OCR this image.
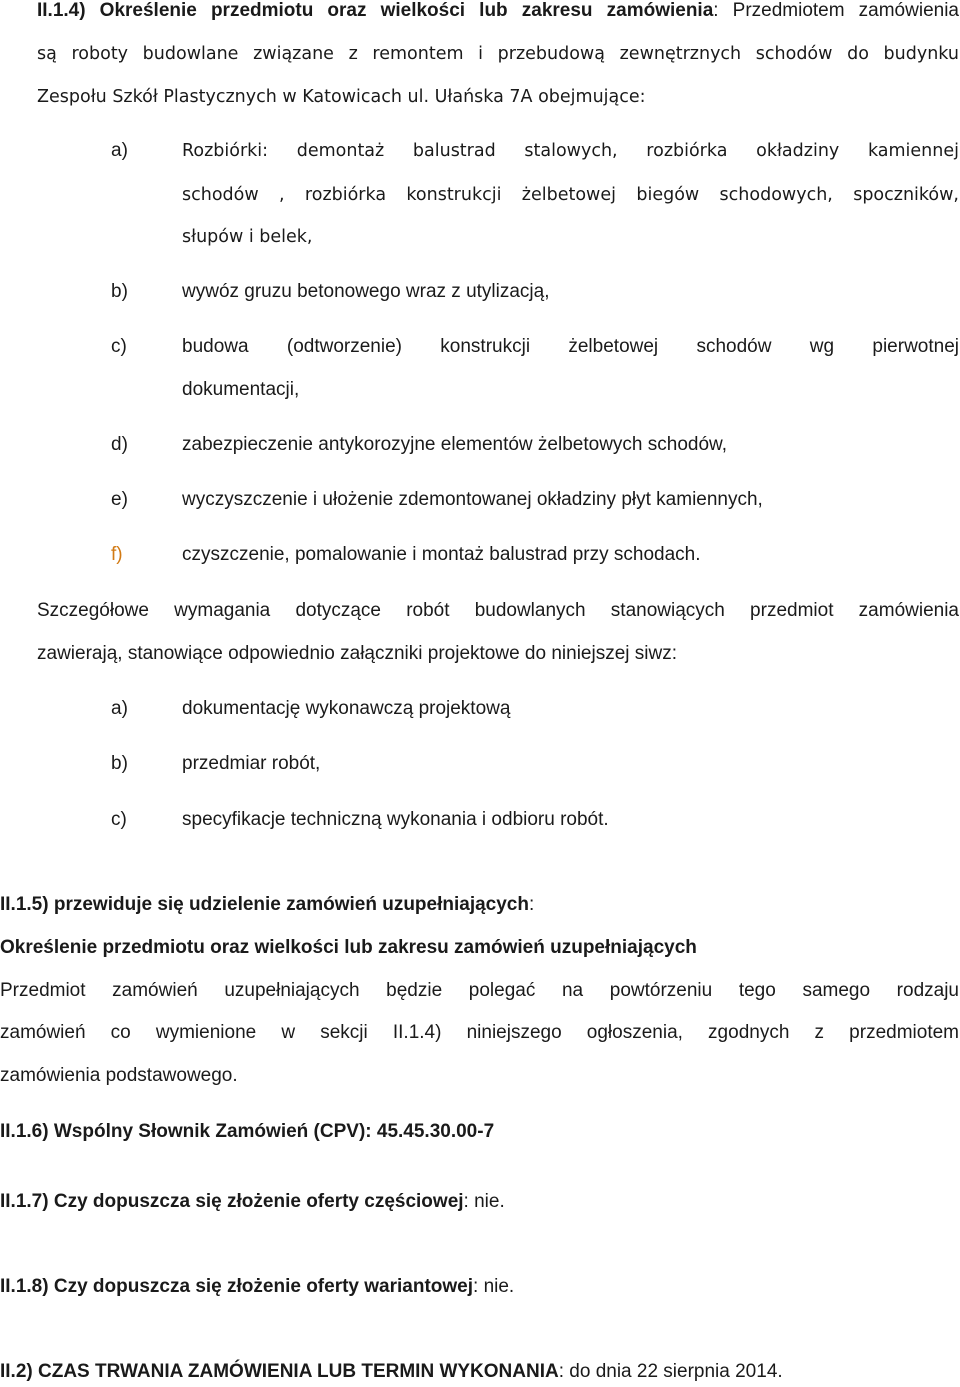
II.1.4) Określenie przedmiotu oraz wielkości lub zakresu zamówienia: Przedmiotem zamówienia
są roboty budowlane związane z remontem i przebudową zewnętrznych schodów do budynku
Zespołu Szkół Plastycznych w Katowicach ul. Ułańska 7A obejmujące:
a)	Rozbiórki: demontaż balustrad stalowych, rozbiórka okładziny kamiennej
schodów , rozbiórka konstrukcji żelbetowej biegów schodowych, spoczników,
słupów i belek,
b)	wywóz gruzu betonowego wraz z utylizacją,
c)	budowa (odtworzenie) konstrukcji żelbetowej schodów wg pierwotnej
dokumentacji,
d)	zabezpieczenie antykorozyjne elementów żelbetowych schodów,
e)	wyczyszczenie i ułożenie zdemontowanej okładziny płyt kamiennych,
f)	czyszczenie, pomalowanie i montaż balustrad przy schodach.
Szczegółowe wymagania dotyczące robót budowlanych stanowiących przedmiot zamówienia
zawierają, stanowiące odpowiednio załączniki projektowe do niniejszej siwz:
a)	dokumentację wykonawczą projektową
b)	przedmiar robót,
c)	specyfikacje techniczną wykonania i odbioru robót.
II.1.5) przewiduje się udzielenie zamówień uzupełniających:
Określenie przedmiotu oraz wielkości lub zakresu zamówień uzupełniających
Przedmiot zamówień uzupełniających będzie polegać na powtórzeniu tego samego rodzaju
zamówień co wymienione w sekcji II.1.4) niniejszego ogłoszenia, zgodnych z przedmiotem
zamówienia podstawowego.
II.1.6) Wspólny Słownik Zamówień (CPV): 45.45.30.00-7
II.1.7) Czy dopuszcza się złożenie oferty częściowej: nie.
II.1.8) Czy dopuszcza się złożenie oferty wariantowej: nie.
II.2) CZAS TRWANIA ZAMÓWIENIA LUB TERMIN WYKONANIA: do dnia 22 sierpnia 2014.
